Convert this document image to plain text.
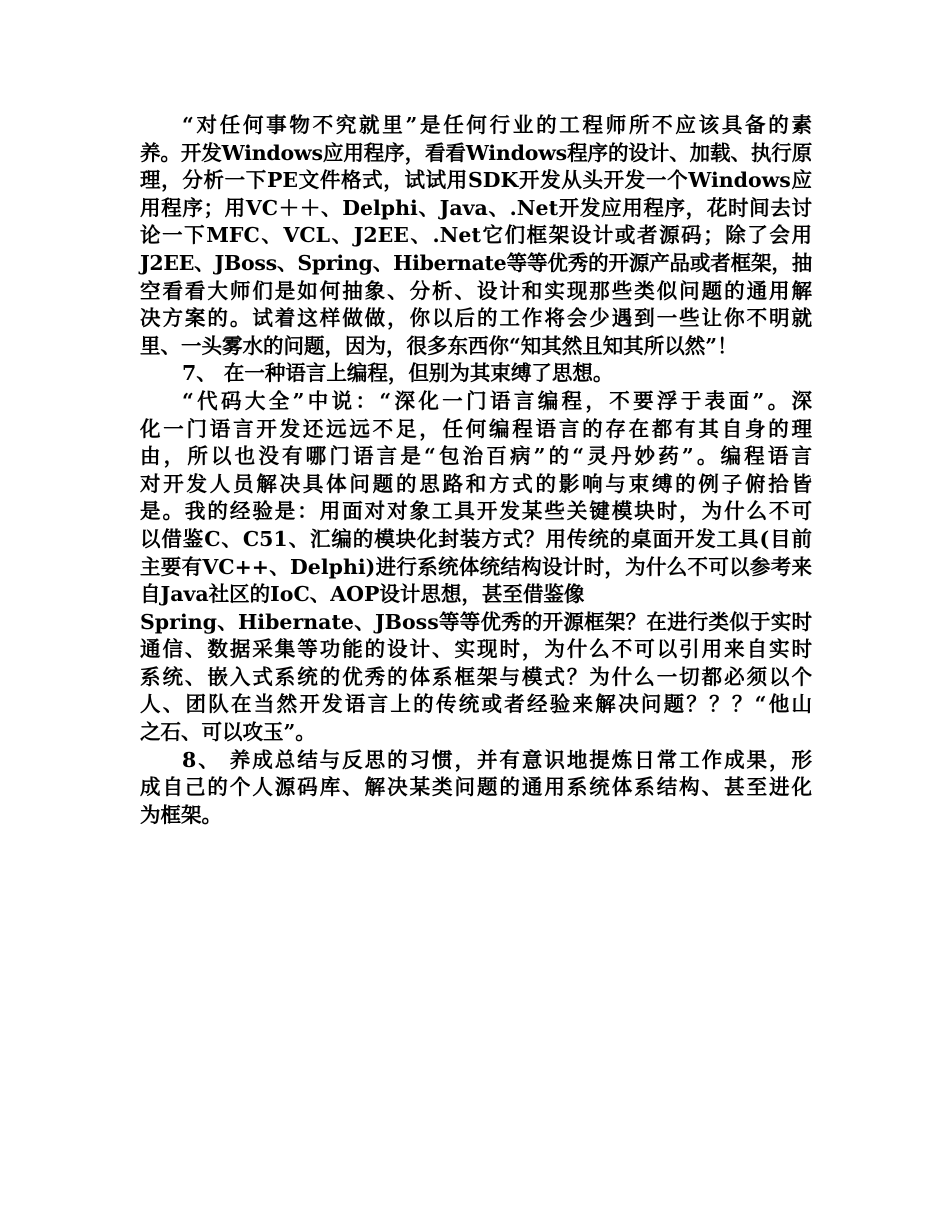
“对任何事物不究就里”是任何行业的工程师所不应该具备的素
养。开发Windows应用程序，看看Windows程序的设计、加载、执行原
理，分析一下PE文件格式，试试用SDK开发从头开发一个Windows应
用程序；用VC＋＋、Delphi、Java、.Net开发应用程序，花时间去讨
论一下MFC、VCL、J2EE、.Net它们框架设计或者源码；除了会用
J2EE、JBoss、Spring、Hibernate等等优秀的开源产品或者框架，抽
空看看大师们是如何抽象、分析、设计和实现那些类似问题的通用解
决方案的。试着这样做做，你以后的工作将会少遇到一些让你不明就
里、一头雾水的问题，因为，很多东西你“知其然且知其所以然”！
7、 在一种语言上编程，但别为其束缚了思想。
“代码大全”中说：“深化一门语言编程，不要浮于表面”。深
化一门语言开发还远远不足，任何编程语言的存在都有其自身的理
由，所以也没有哪门语言是“包治百病”的“灵丹妙药”。编程语言
对开发人员解决具体问题的思路和方式的影响与束缚的例子俯拾皆
是。我的经验是：用面对对象工具开发某些关键模块时，为什么不可
以借鉴C、C51、汇编的模块化封装方式？用传统的桌面开发工具(目前
主要有VC++、Delphi)进行系统体统结构设计时，为什么不可以参考来
自Java社区的IoC、AOP设计思想，甚至借鉴像
Spring、Hibernate、JBoss等等优秀的开源框架？在进行类似于实时
通信、数据采集等功能的设计、实现时，为什么不可以引用来自实时
系统、嵌入式系统的优秀的体系框架与模式？为什么一切都必须以个
人、团队在当然开发语言上的传统或者经验来解决问题？？？“他山
之石、可以攻玉”。
8、 养成总结与反思的习惯，并有意识地提炼日常工作成果，形
成自己的个人源码库、解决某类问题的通用系统体系结构、甚至进化
为框架。
